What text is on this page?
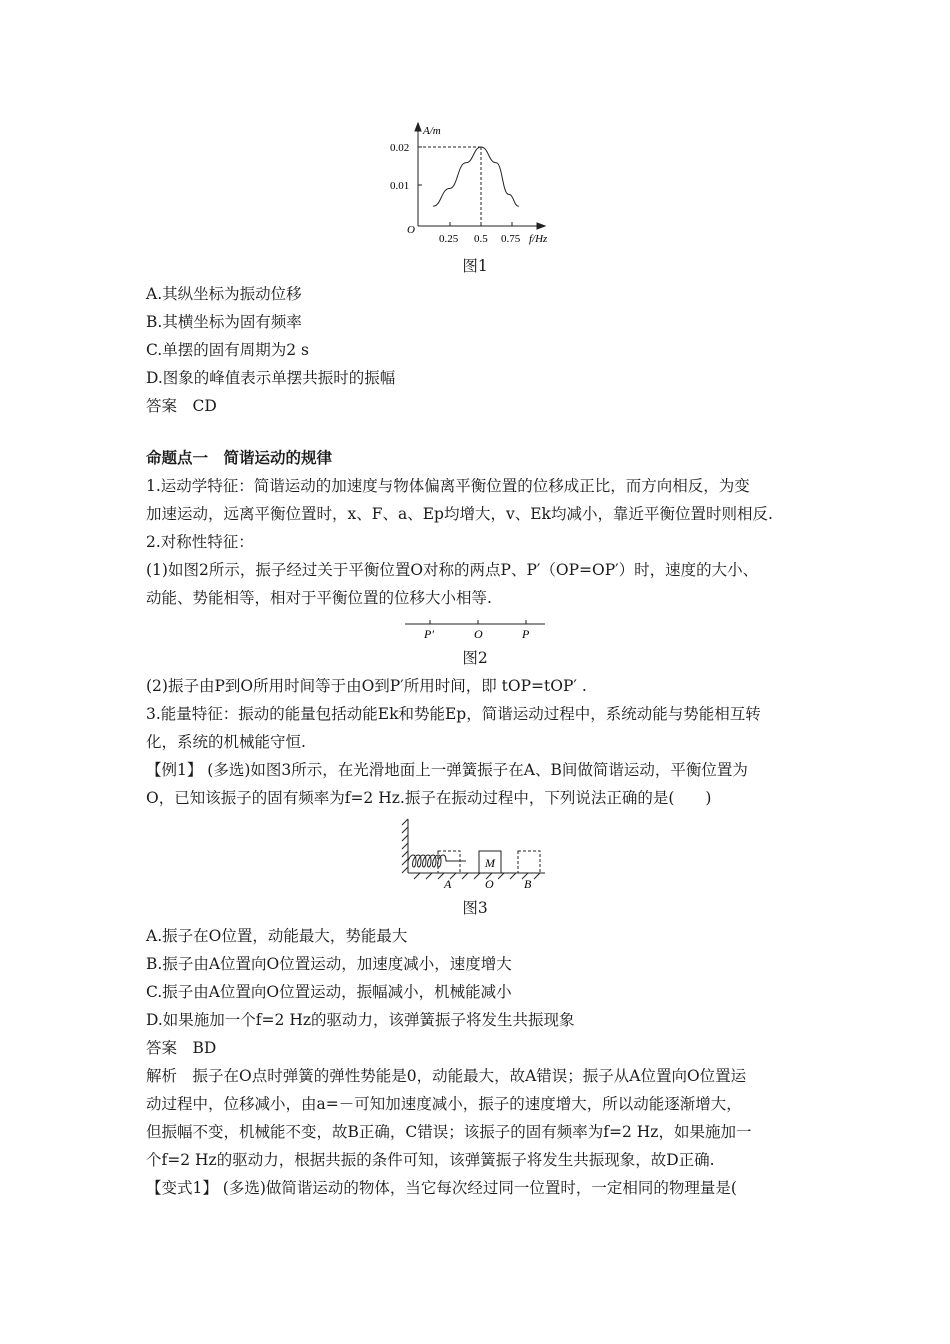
A/m
f/Hz
O
0.02
0.01
0.25 0.5 0.75
图1
A.其纵坐标为振动位移
B.其横坐标为固有频率
C.单摆的固有周期为2 s
D.图象的峰值表示单摆共振时的振幅
答案　CD
命题点一　简谐运动的规律
1.运动学特征：简谐运动的加速度与物体偏离平衡位置的位移成正比，而方向相反，为变
加速运动，远离平衡位置时，x、F、a、Ep均增大，v、Ek均减小，靠近平衡位置时则相反.
2.对称性特征：
(1)如图2所示，振子经过关于平衡位置O对称的两点P、P′（OP=OP′）时，速度的大小、
动能、势能相等，相对于平衡位置的位移大小相等.
P′	O	P
图2
(2)振子由P到O所用时间等于由O到P′所用时间，即 tOP=tOP′ .
3.能量特征：振动的能量包括动能Ek和势能Ep，简谐运动过程中，系统动能与势能相互转
化，系统的机械能守恒.
【例1】 (多选)如图3所示，在光滑地面上一弹簧振子在A、B间做简谐运动，平衡位置为
O，已知该振子的固有频率为f=2 Hz.振子在振动过程中，下列说法正确的是(　　)
M
A	O	B
图3
A.振子在O位置，动能最大，势能最大
B.振子由A位置向O位置运动，加速度减小，速度增大
C.振子由A位置向O位置运动，振幅减小，机械能减小
D.如果施加一个f=2 Hz的驱动力，该弹簧振子将发生共振现象
答案　BD
解析　振子在O点时弹簧的弹性势能是0，动能最大，故A错误；振子从A位置向O位置运
动过程中，位移减小，由a=－可知加速度减小，振子的速度增大，所以动能逐渐增大，
但振幅不变，机械能不变，故B正确，C错误；该振子的固有频率为f=2 Hz，如果施加一
个f=2 Hz的驱动力，根据共振的条件可知，该弹簧振子将发生共振现象，故D正确.
【变式1】 (多选)做简谐运动的物体，当它每次经过同一位置时，一定相同的物理量是(
